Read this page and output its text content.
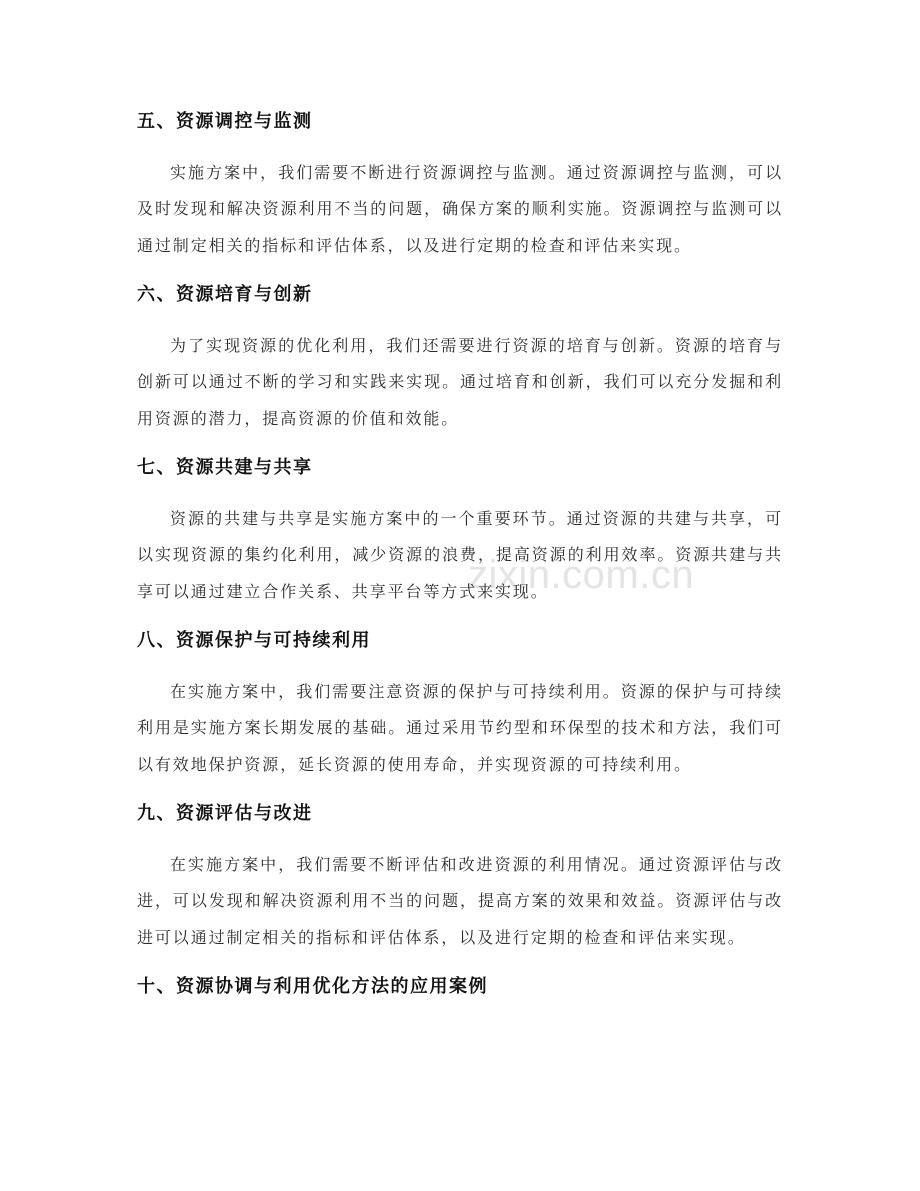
zixin.com.cn
五、资源调控与监测

实施方案中，我们需要不断进行资源调控与监测。通过资源调控与监测，可以及时发现和解决资源利用不当的问题，确保方案的顺利实施。资源调控与监测可以通过制定相关的指标和评估体系，以及进行定期的检查和评估来实现。

六、资源培育与创新

为了实现资源的优化利用，我们还需要进行资源的培育与创新。资源的培育与创新可以通过不断的学习和实践来实现。通过培育和创新，我们可以充分发掘和利用资源的潜力，提高资源的价值和效能。

七、资源共建与共享

资源的共建与共享是实施方案中的一个重要环节。通过资源的共建与共享，可以实现资源的集约化利用，减少资源的浪费，提高资源的利用效率。资源共建与共享可以通过建立合作关系、共享平台等方式来实现。

八、资源保护与可持续利用

在实施方案中，我们需要注意资源的保护与可持续利用。资源的保护与可持续利用是实施方案长期发展的基础。通过采用节约型和环保型的技术和方法，我们可以有效地保护资源，延长资源的使用寿命，并实现资源的可持续利用。

九、资源评估与改进

在实施方案中，我们需要不断评估和改进资源的利用情况。通过资源评估与改进，可以发现和解决资源利用不当的问题，提高方案的效果和效益。资源评估与改进可以通过制定相关的指标和评估体系，以及进行定期的检查和评估来实现。

十、资源协调与利用优化方法的应用案例
